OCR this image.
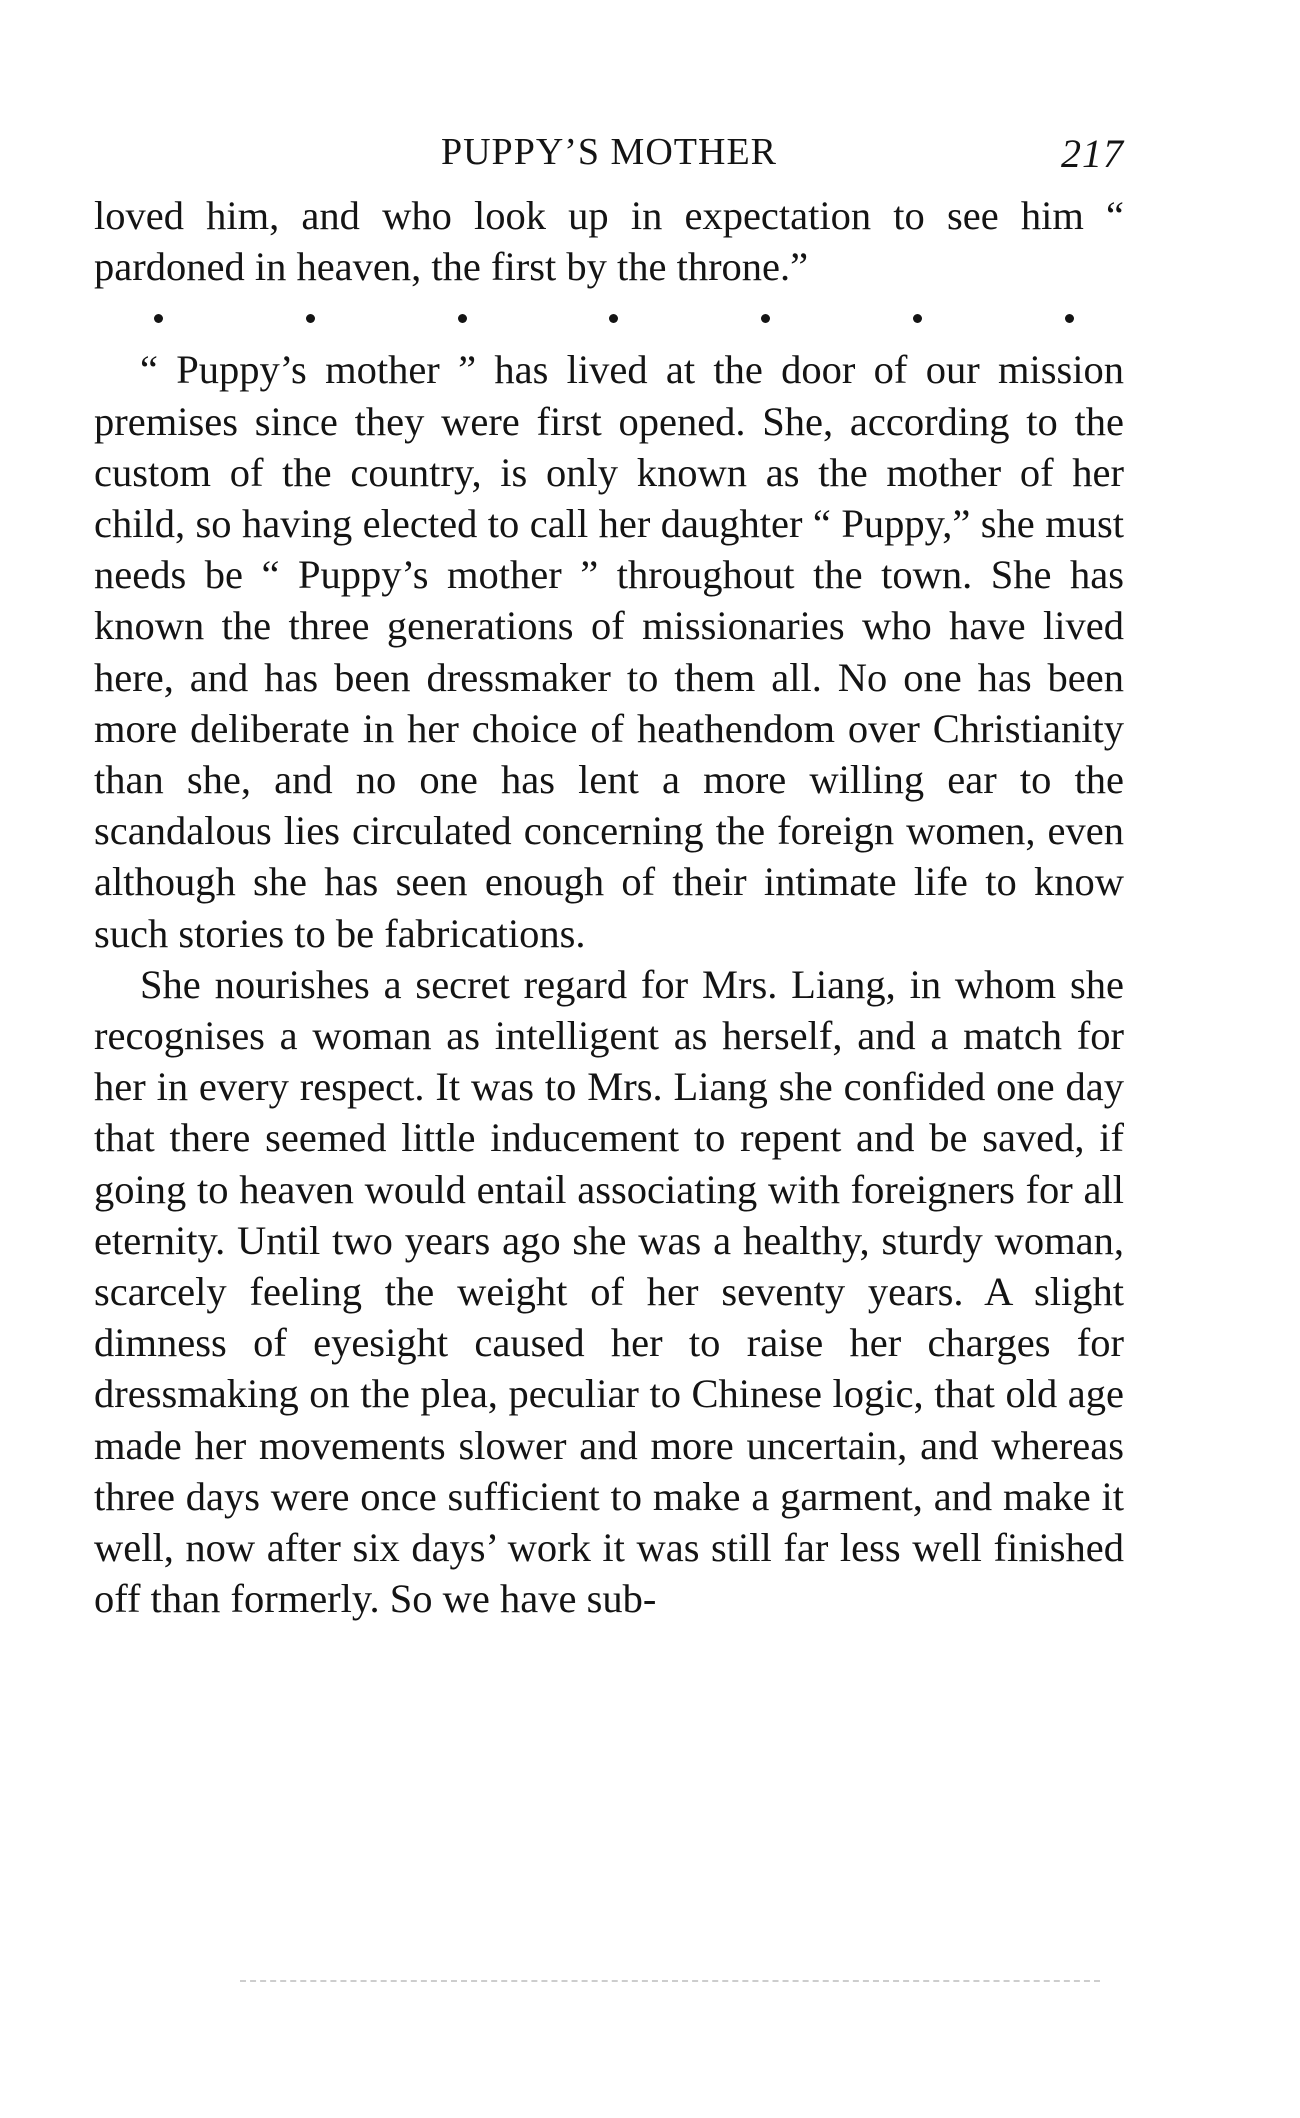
PUPPY’S MOTHER	217

loved him, and who look up in expectation to see him “ pardoned in heaven, the first by the throne.”

“ Puppy’s mother ” has lived at the door of our mission premises since they were first opened. She, according to the custom of the country, is only known as the mother of her child, so having elected to call her daughter “ Puppy,” she must needs be “ Puppy’s mother ” throughout the town. She has known the three generations of missionaries who have lived here, and has been dressmaker to them all. No one has been more deliberate in her choice of heathendom over Christianity than she, and no one has lent a more willing ear to the scandalous lies circulated concerning the foreign women, even although she has seen enough of their intimate life to know such stories to be fabrications.

She nourishes a secret regard for Mrs. Liang, in whom she recognises a woman as intelligent as herself, and a match for her in every respect. It was to Mrs. Liang she confided one day that there seemed little inducement to repent and be saved, if going to heaven would entail associating with foreigners for all eternity. Until two years ago she was a healthy, sturdy woman, scarcely feeling the weight of her seventy years. A slight dimness of eyesight caused her to raise her charges for dressmaking on the plea, peculiar to Chinese logic, that old age made her movements slower and more uncertain, and whereas three days were once sufficient to make a garment, and make it well, now after six days’ work it was still far less well finished off than formerly. So we have sub-
